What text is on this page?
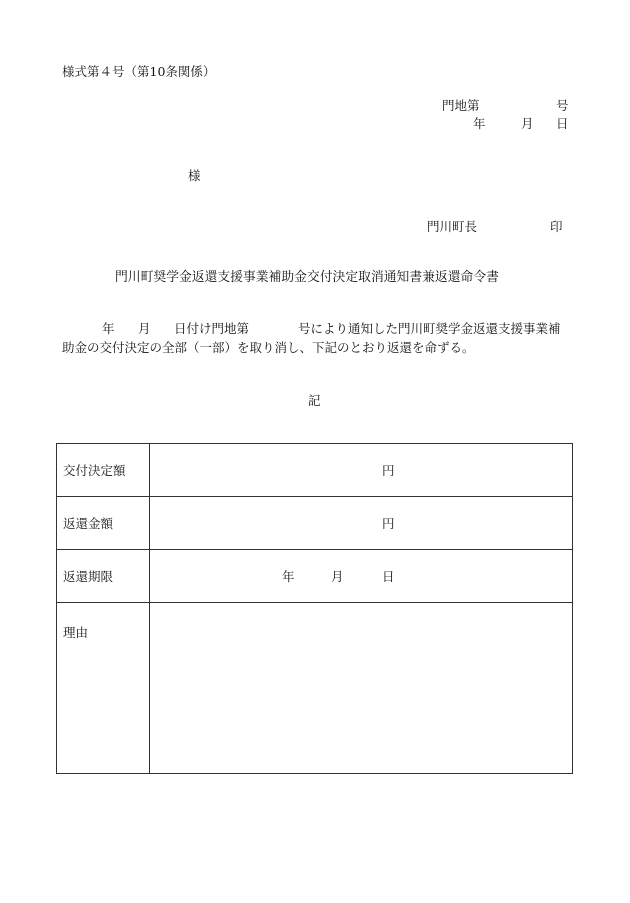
様式第４号（第10条関係）
門地第	号
年	月 日
様
門川町長	印
門川町奨学金返還支援事業補助金交付決定取消通知書兼返還命令書
年 月 日付け門地第	号により通知した門川町奨学金返還支援事業補
助金の交付決定の全部（一部）を取り消し、下記のとおり返還を命ずる。
記
交付決定額	円

返還金額	円

返還期限	年 月 日

理由	
